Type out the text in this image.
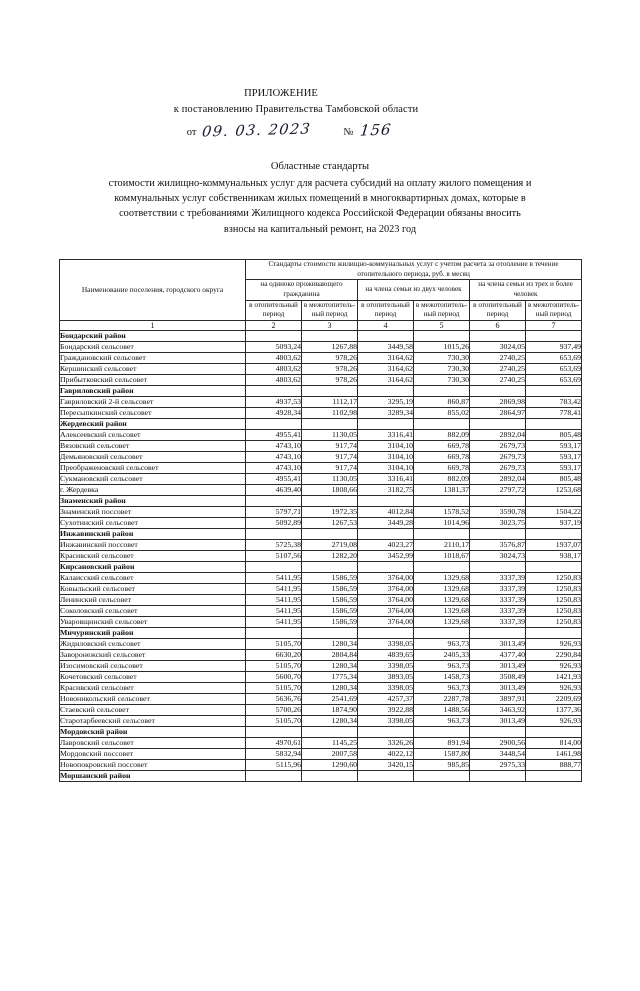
ПРИЛОЖЕНИЕ
к постановлению Правительства Тамбовской области
от 09. 03. 2023	№ 156
Областные стандарты
стоимости жилищно-коммунальных услуг для расчета субсидий на оплату жилого помещения и
коммунальных услуг собственникам жилых помещений в многоквартирных домах, которые в
соответствии с требованиями Жилищного кодекса Российской Федерации обязаны вносить
взносы на капитальный ремонт, на 2023 год
Наименование поселения, городского округа	Стандарты стоимости жилищно-коммунальных услуг с учетом расчета за отопление в течение отопительного периода, руб. в месяц					
	на одиноко проживающего гражданина		на члена семьи из двух человек		на члена семьи из трех и более человек	
	в отопительный период	в межотопитель-ный период	в отопительный период	в межотопитель-ный период	в отопительный период	в межотопитель-ный период
1	2	3	4	5	6	7
Бондарский район						
Бондарский сельсовет	5093,24	1267,88	3449,58	1015,26	3024,05	937,49
Граждановский сельсовет	4803,62	978,26	3164,62	730,30	2740,25	653,69
Кершинский сельсовет	4803,62	978,26	3164,62	730,30	2740,25	653,69
Прибытковский сельсовет	4803,62	978,26	3164,62	730,30	2740,25	653,69
Гавриловский район						
Гавриловский 2-й сельсовет	4937,53	1112,17	3295,19	860,87	2869,98	783,42
Пересыпкинский сельсовет	4928,34	1102,98	3289,34	855,02	2864,97	778,41
Жердевский район						
Алексеевский сельсовет	4955,41	1130,05	3316,41	882,09	2892,04	805,48
Вязовский сельсовет	4743,10	917,74	3104,10	669,78	2679,73	593,17
Демьяновский сельсовет	4743,10	917,74	3104,10	669,78	2679,73	593,17
Преображеновский сельсовет	4743,10	917,74	3104,10	669,78	2679,73	593,17
Сукмановский сельсовет	4955,41	1130,05	3316,41	882,09	2892,04	805,48
г. Жердевка	4639,40	1808,66	3182,75	1381,37	2797,72	1253,68
Знаменский район						
Знаменский поссовет	5797,71	1972,35	4012,84	1578,52	3590,78	1504,22
Сухотинский сельсовет	5092,89	1267,53	3449,28	1014,96	3023,75	937,19
Инжавинский район						
Инжавинский поссовет	5725,38	2719,08	4023,27	2110,17	3576,87	1937,07
Красивский сельсовет	5107,56	1282,20	3452,99	1018,67	3024,73	938,17
Кирсановский район						
Калаисский сельсовет	5411,95	1586,59	3764,00	1329,68	3337,39	1250,83
Ковыльский сельсовет	5411,95	1586,59	3764,00	1329,68	3337,39	1250,83
Ленинский сельсовет	5411,95	1586,59	3764,00	1329,68	3337,39	1250,83
Соколовский сельсовет	5411,95	1586,59	3764,00	1329,68	3337,39	1250,83
Уваровщинский сельсовет	5411,95	1586,59	3764,00	1329,68	3337,39	1250,83
Мичуринский район						
Жидиловский сельсовет	5105,70	1280,34	3398,05	963,73	3013,49	926,93
Заворонежский сельсовет	6630,20	2804,84	4839,65	2405,33	4377,40	2290,84
Изосимовский сельсовет	5105,70	1280,34	3398,05	963,73	3013,49	926,93
Кочетовский сельсовет	5600,70	1775,34	3893,05	1458,73	3508,49	1421,93
Красивский сельсовет	5105,70	1280,34	3398,05	963,73	3013,49	926,93
Новоникольский сельсовет	5636,76	2541,69	4257,37	2287,78	3897,91	2209,69
Стаевский сельсовет	5700,26	1874,90	3922,88	1488,56	3463,92	1377,36
Старотарбеевский сельсовет	5105,70	1280,34	3398,05	963,73	3013,49	926,93
Мордовский район						
Лавровский сельсовет	4970,61	1145,25	3326,26	891,94	2900,56	814,00
Мордовский поссовет	5832,94	2007,58	4022,12	1587,80	3448,54	1461,98
Новопокровский поссовет	5115,96	1290,60	3420,15	985,85	2975,33	888,77
Моршанский район						
